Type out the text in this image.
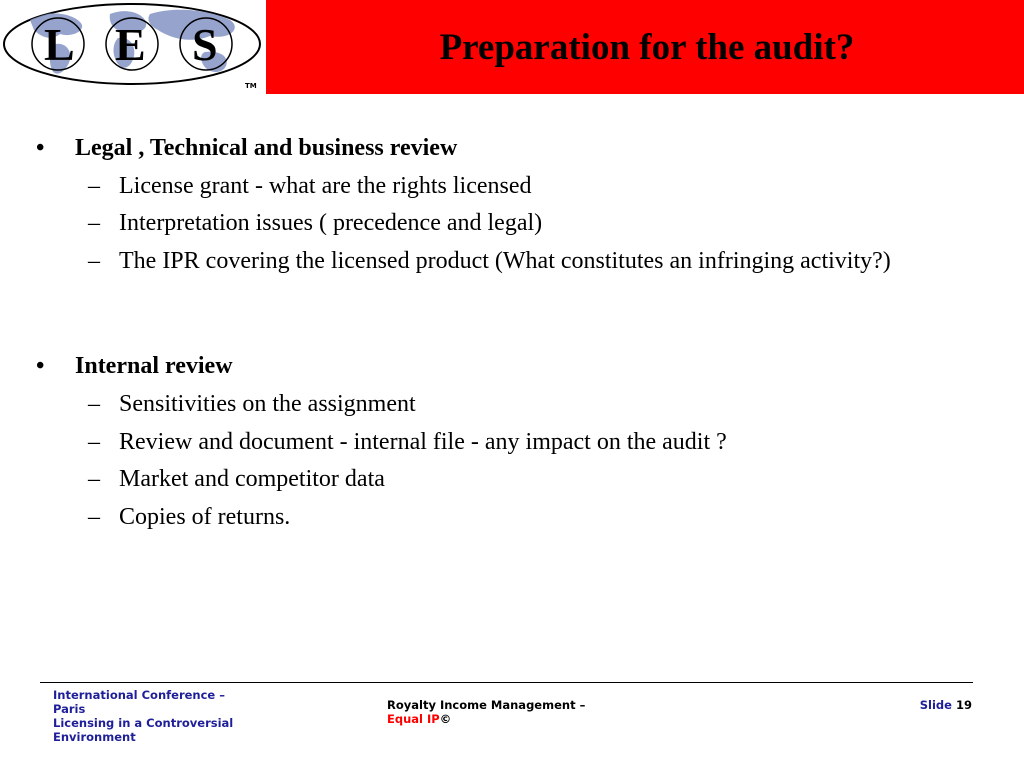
L E S
TM
Preparation for the audit?
•	Legal , Technical and business review
– License grant - what are the rights licensed
– Interpretation issues ( precedence and legal)
– The IPR covering the licensed product (What constitutes an infringing activity?)
•	Internal review
– Sensitivities on the assignment
– Review and document - internal file - any impact on the audit ?
– Market and competitor data
– Copies of returns.
International Conference – Paris
Licensing in a Controversial Environment
Royalty Income Management – Equal IP©
Slide 19
